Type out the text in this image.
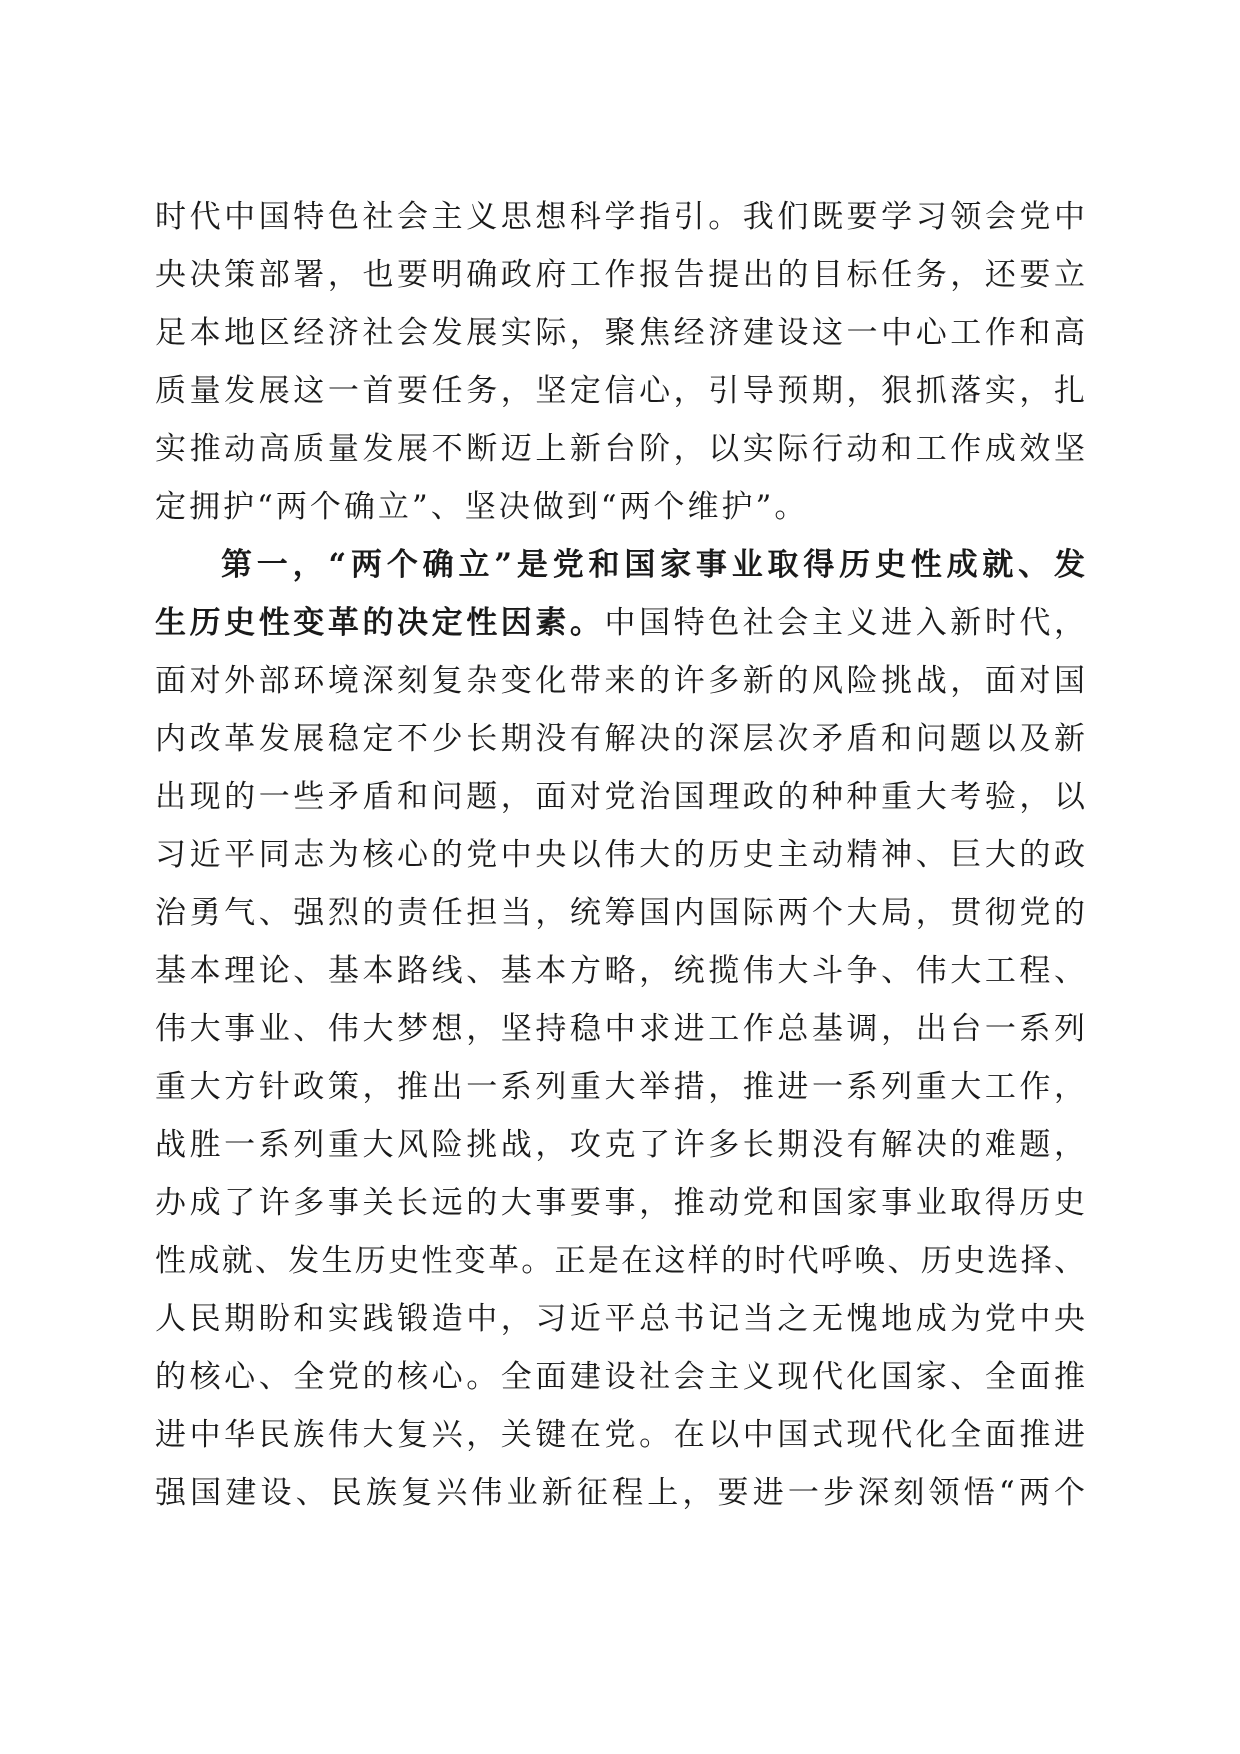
时代中国特色社会主义思想科学指引。我们既要学习领会党中
央决策部署，也要明确政府工作报告提出的目标任务，还要立
足本地区经济社会发展实际，聚焦经济建设这一中心工作和高
质量发展这一首要任务，坚定信心，引导预期，狠抓落实，扎
实推动高质量发展不断迈上新台阶，以实际行动和工作成效坚
定拥护“两个确立”、坚决做到“两个维护”。
第一，“两个确立”是党和国家事业取得历史性成就、发
生历史性变革的决定性因素。中国特色社会主义进入新时代，
面对外部环境深刻复杂变化带来的许多新的风险挑战，面对国
内改革发展稳定不少长期没有解决的深层次矛盾和问题以及新
出现的一些矛盾和问题，面对党治国理政的种种重大考验，以
习近平同志为核心的党中央以伟大的历史主动精神、巨大的政
治勇气、强烈的责任担当，统筹国内国际两个大局，贯彻党的
基本理论、基本路线、基本方略，统揽伟大斗争、伟大工程、
伟大事业、伟大梦想，坚持稳中求进工作总基调，出台一系列
重大方针政策，推出一系列重大举措，推进一系列重大工作，
战胜一系列重大风险挑战，攻克了许多长期没有解决的难题，
办成了许多事关长远的大事要事，推动党和国家事业取得历史
性成就、发生历史性变革。正是在这样的时代呼唤、历史选择、
人民期盼和实践锻造中，习近平总书记当之无愧地成为党中央
的核心、全党的核心。全面建设社会主义现代化国家、全面推
进中华民族伟大复兴，关键在党。在以中国式现代化全面推进
强国建设、民族复兴伟业新征程上，要进一步深刻领悟“两个
